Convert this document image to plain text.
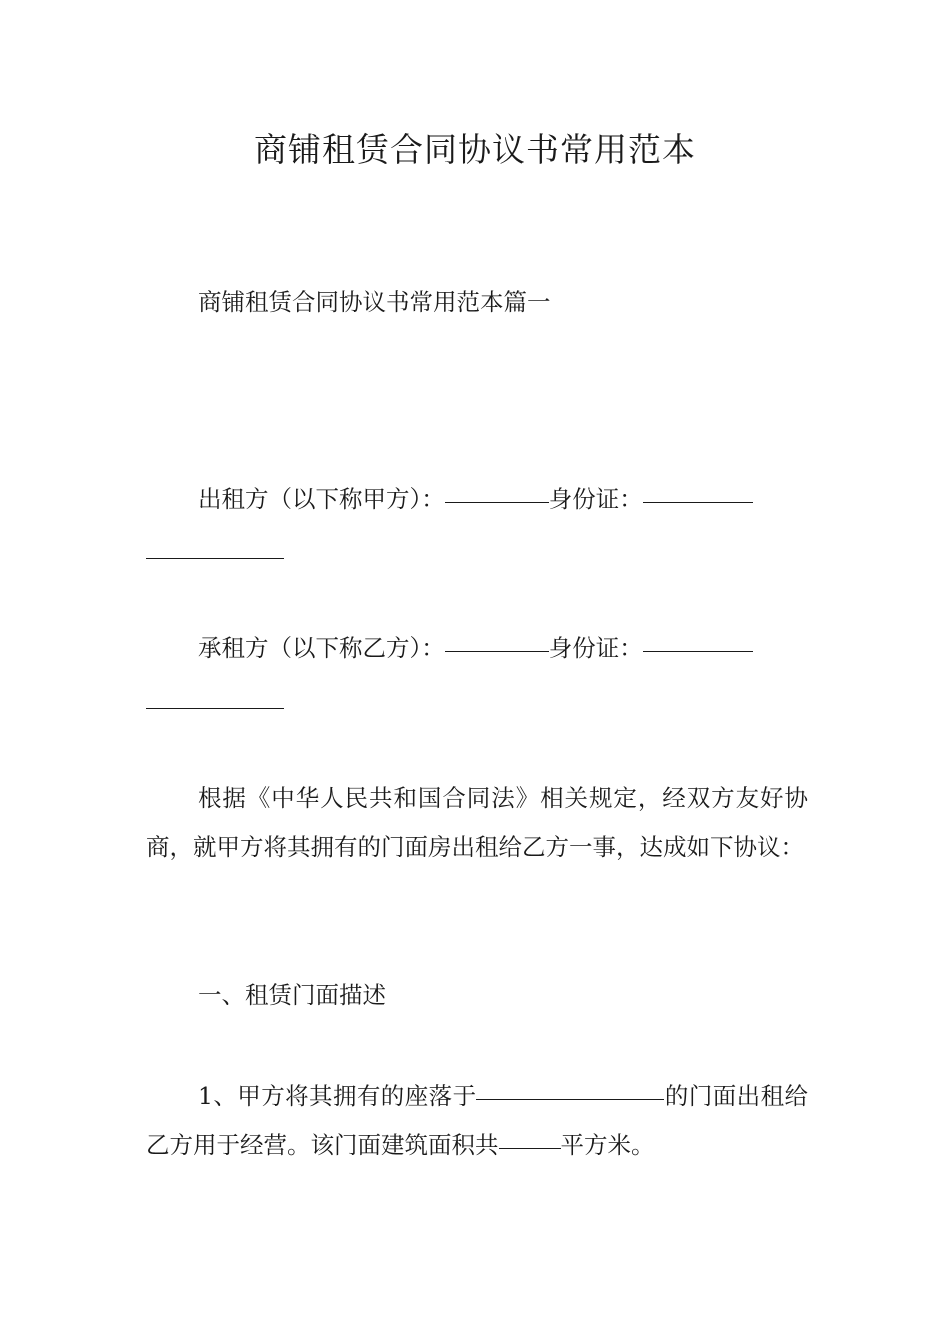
商铺租赁合同协议书常用范本

商铺租赁合同协议书常用范本篇一

出租方（以下称甲方）：	身份证：

承租方（以下称乙方）：	身份证：

根据《中华人民共和国合同法》相关规定，经双方友好协商，就甲方将其拥有的门面房出租给乙方一事，达成如下协议：

一、租赁门面描述

1、甲方将其拥有的座落于	的门面出租给乙方用于经营。该门面建筑面积共	平方米。
